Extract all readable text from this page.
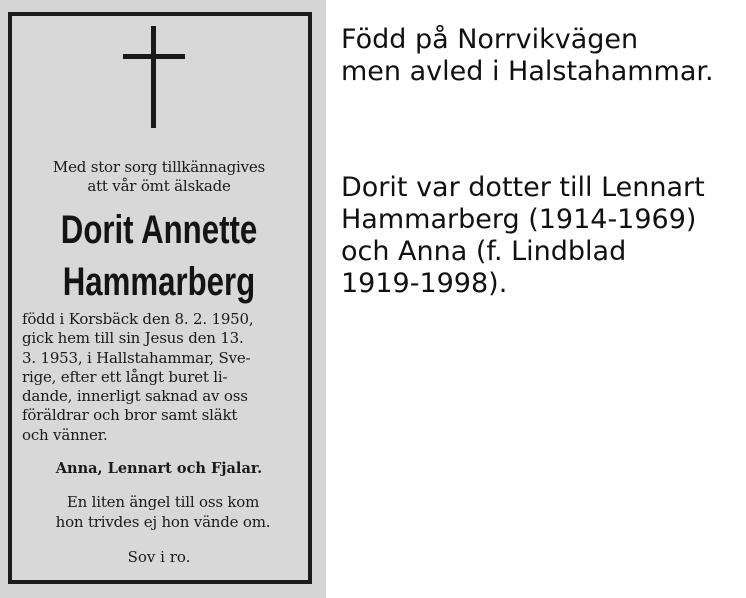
Med stor sorg tillkännagives
att vår ömt älskade
Dorit Annette
Hammarberg
född i Korsbäck den 8. 2. 1950,
gick hem till sin Jesus den 13.
3. 1953, i Hallstahammar, Sve-
rige, efter ett långt buret li-
dande, innerligt saknad av oss
föräldrar och bror samt släkt
och vänner.
Anna, Lennart och Fjalar.
En liten ängel till oss kom
hon trivdes ej hon vände om.
Sov i ro.
Född på Norrvikvägen
men avled i Halstahammar.
Dorit var dotter till Lennart
Hammarberg (1914-1969)
och Anna (f. Lindblad
1919-1998).
